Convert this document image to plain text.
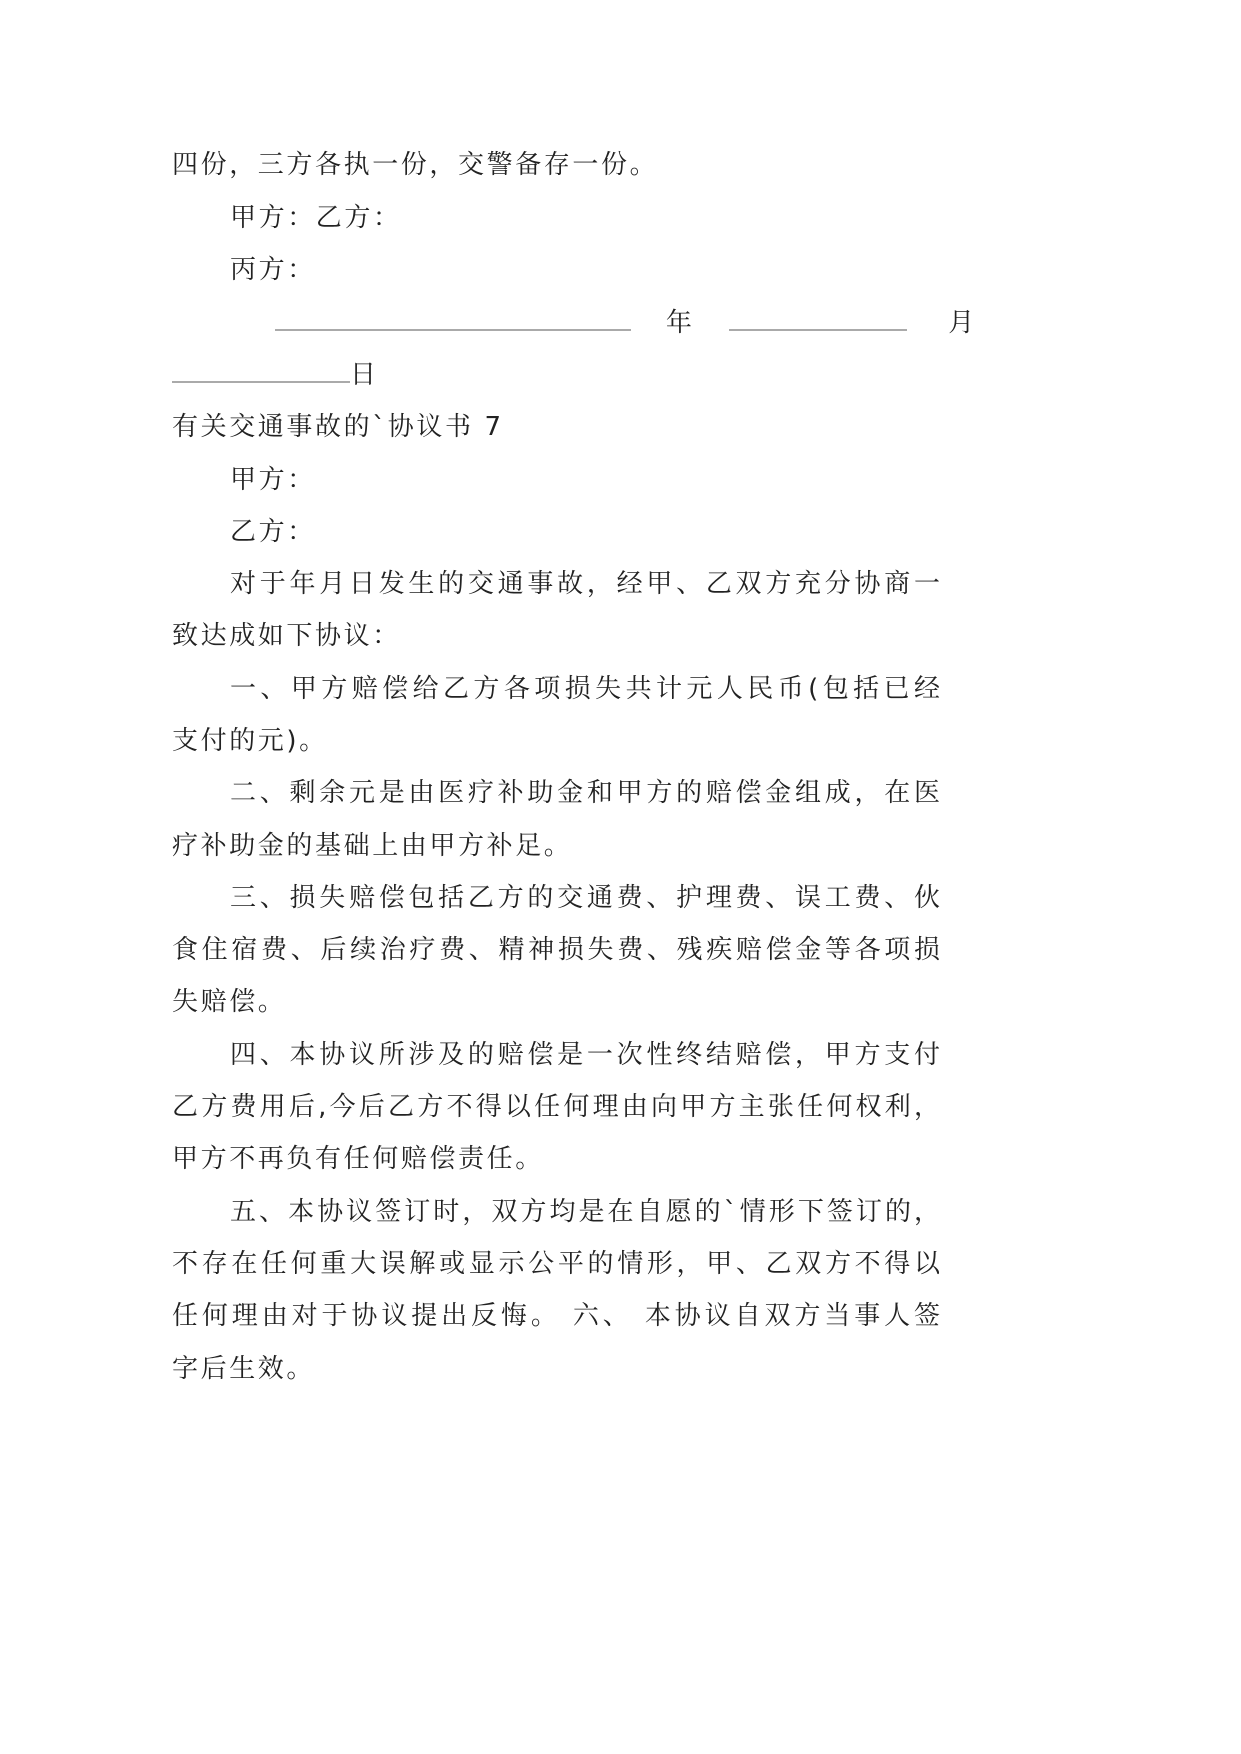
四份，三方各执一份，交警备存一份。
甲方：乙方：
丙方：
年	月
日
有关交通事故的`协议书 7
甲方：
乙方：
对于年月日发生的交通事故，经甲、乙双方充分协商一
致达成如下协议：
一、甲方赔偿给乙方各项损失共计元人民币(包括已经
支付的元)。
二、剩余元是由医疗补助金和甲方的赔偿金组成，在医
疗补助金的基础上由甲方补足。
三、损失赔偿包括乙方的交通费、护理费、误工费、伙
食住宿费、后续治疗费、精神损失费、残疾赔偿金等各项损
失赔偿。
四、本协议所涉及的赔偿是一次性终结赔偿，甲方支付
乙方费用后,今后乙方不得以任何理由向甲方主张任何权利，
甲方不再负有任何赔偿责任。
五、本协议签订时，双方均是在自愿的`情形下签订的，
不存在任何重大误解或显示公平的情形，甲、乙双方不得以
任何理由对于协议提出反悔。 六、 本协议自双方当事人签
字后生效。
